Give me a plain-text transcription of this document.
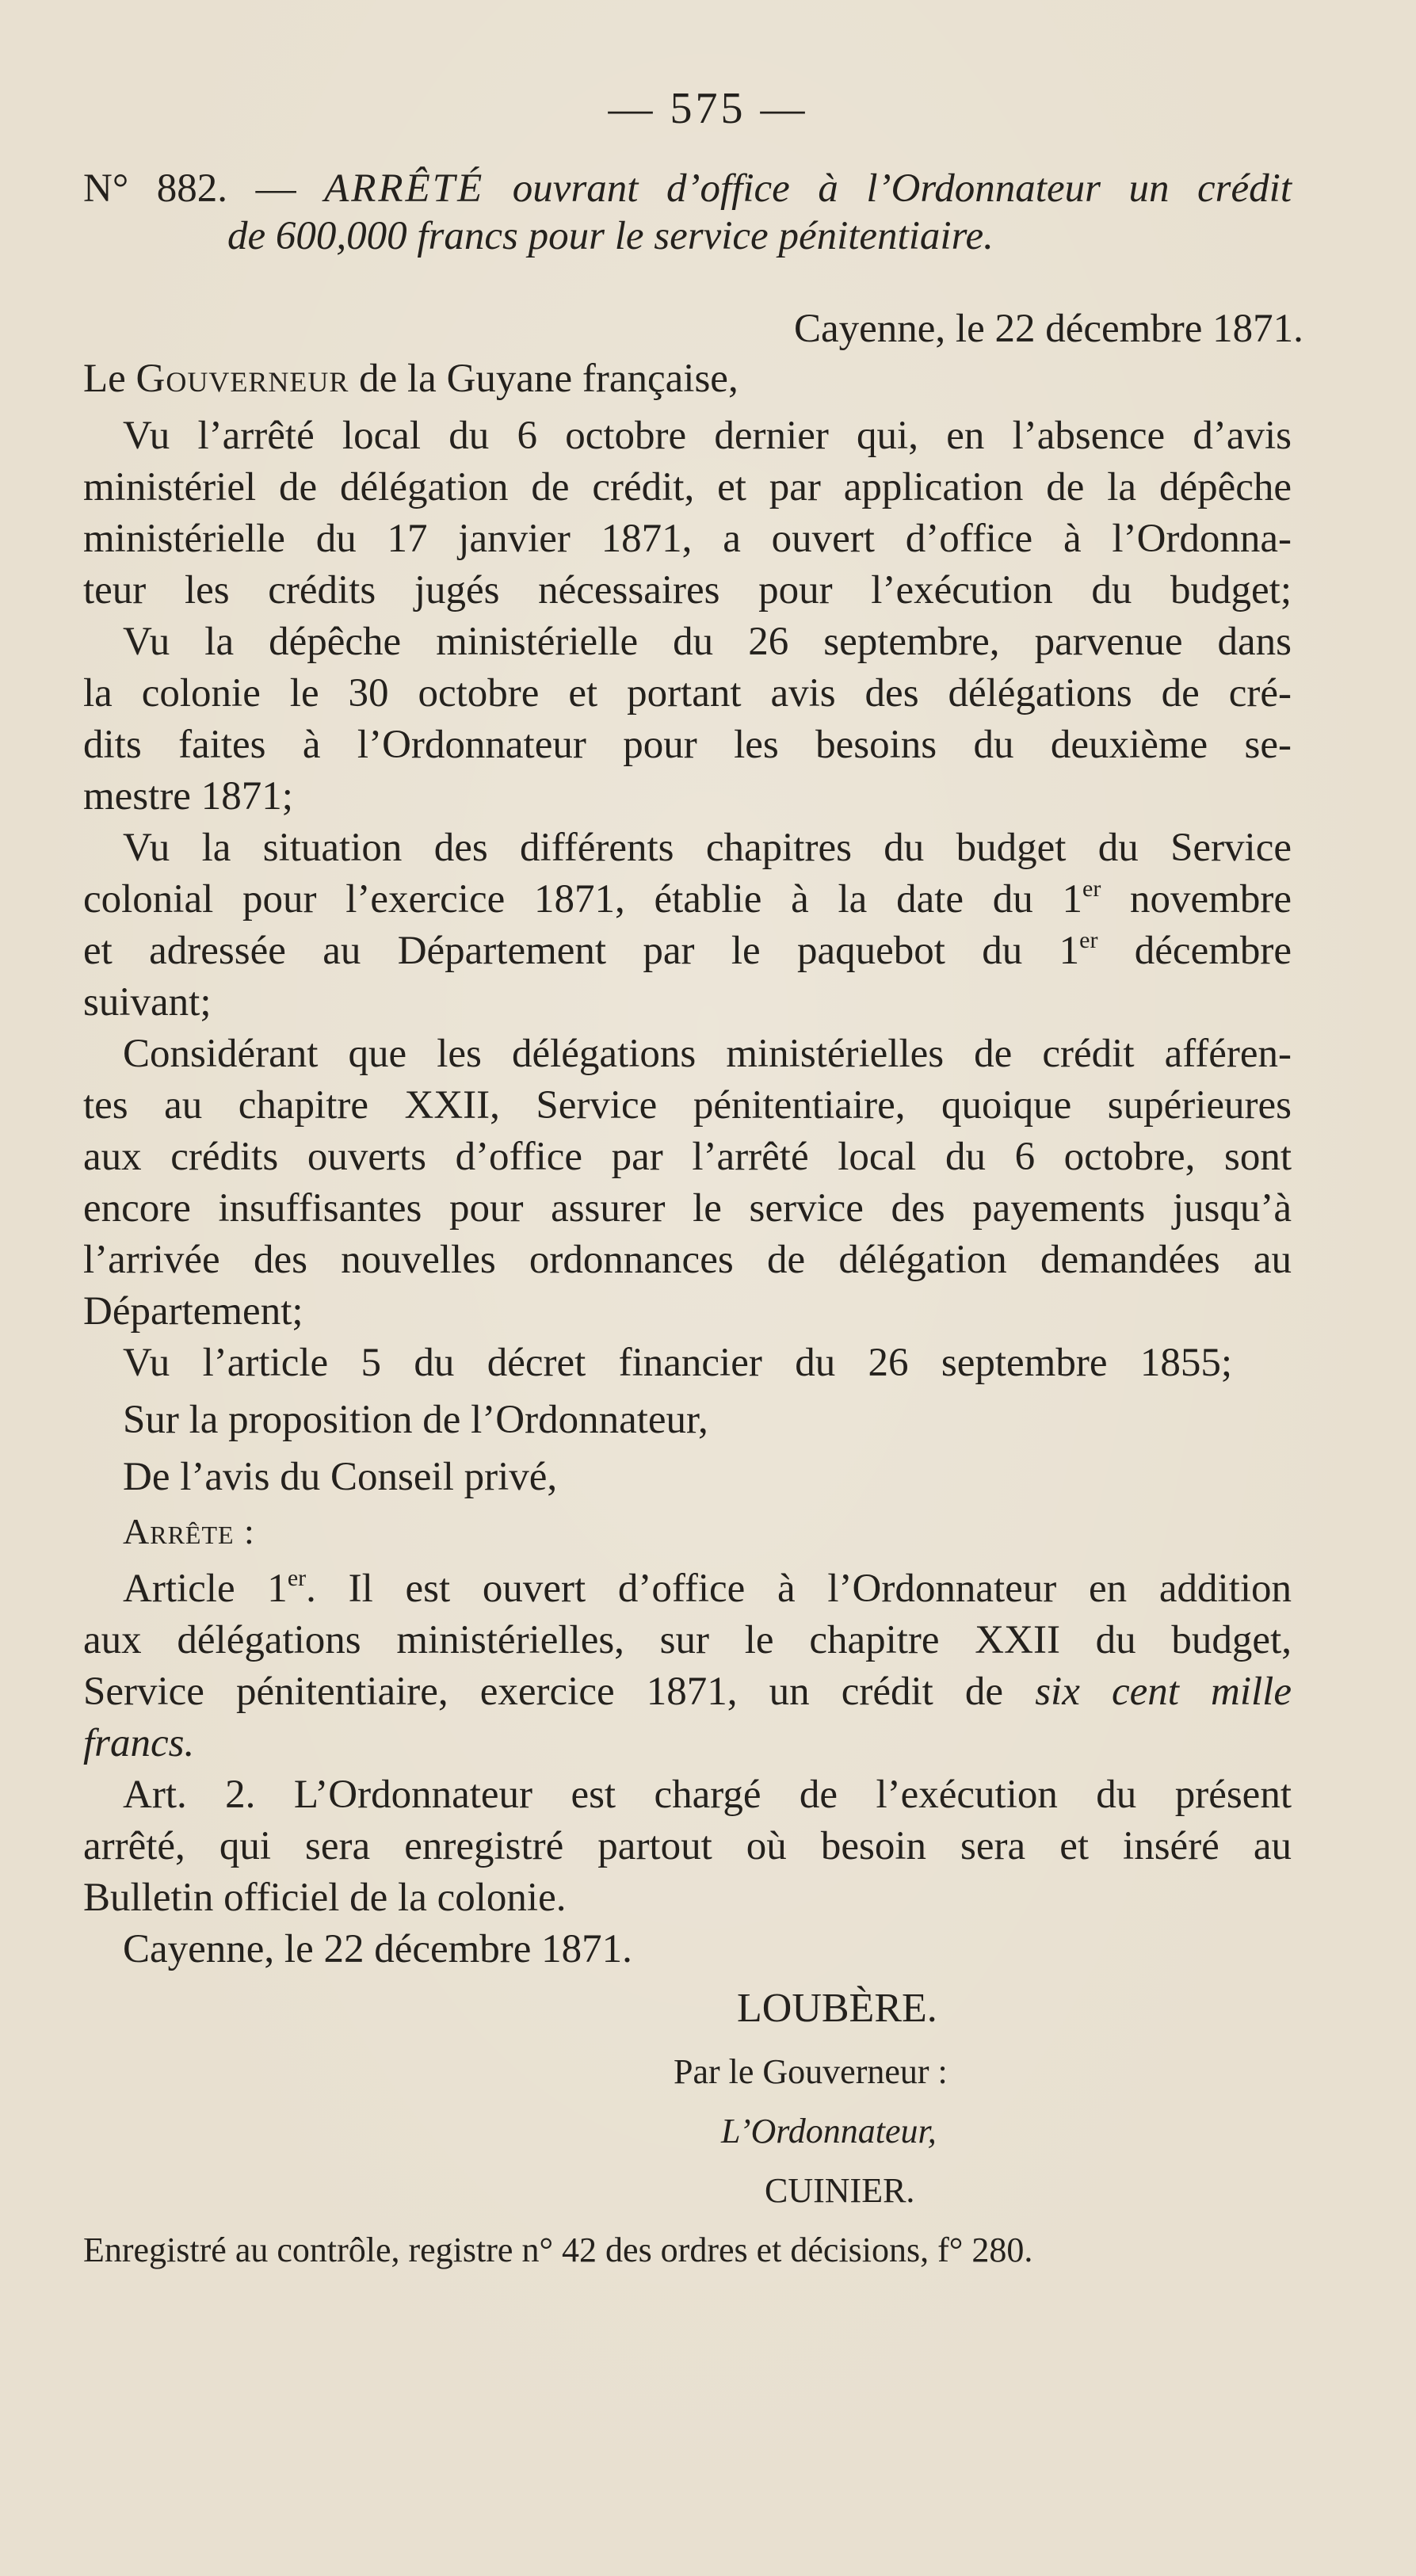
— 575 —
N° 882. — ARRÊTÉ ouvrant d’office à l’Ordonnateur un crédit
de 600,000 francs pour le service pénitentiaire.
Cayenne, le 22 décembre 1871.
Le Gouverneur de la Guyane française,
Vu l’arrêté local du 6 octobre dernier qui, en l’absence d’avis
ministériel de délégation de crédit, et par application de la dépêche
ministérielle du 17 janvier 1871, a ouvert d’office à l’Ordonna-
teur les crédits jugés nécessaires pour l’exécution du budget;
Vu la dépêche ministérielle du 26 septembre, parvenue dans
la colonie le 30 octobre et portant avis des délégations de cré-
dits faites à l’Ordonnateur pour les besoins du deuxième se-
mestre 1871;
Vu la situation des différents chapitres du budget du Service
colonial pour l’exercice 1871, établie à la date du 1er novembre
et adressée au Département par le paquebot du 1er décembre
suivant;
Considérant que les délégations ministérielles de crédit afféren-
tes au chapitre XXII, Service pénitentiaire, quoique supérieures
aux crédits ouverts d’office par l’arrêté local du 6 octobre, sont
encore insuffisantes pour assurer le service des payements jusqu’à
l’arrivée des nouvelles ordonnances de délégation demandées au
Département;
Vu l’article 5 du décret financier du 26 septembre 1855;
Sur la proposition de l’Ordonnateur,
De l’avis du Conseil privé,
Arrête :
Article 1er. Il est ouvert d’office à l’Ordonnateur en addition
aux délégations ministérielles, sur le chapitre XXII du budget,
Service pénitentiaire, exercice 1871, un crédit de six cent mille
francs.
Art. 2. L’Ordonnateur est chargé de l’exécution du présent
arrêté, qui sera enregistré partout où besoin sera et inséré au
Bulletin officiel de la colonie.
Cayenne, le 22 décembre 1871.
LOUBÈRE.
Par le Gouverneur :
L’Ordonnateur,
CUINIER.
Enregistré au contrôle, registre n° 42 des ordres et décisions, f° 280.
